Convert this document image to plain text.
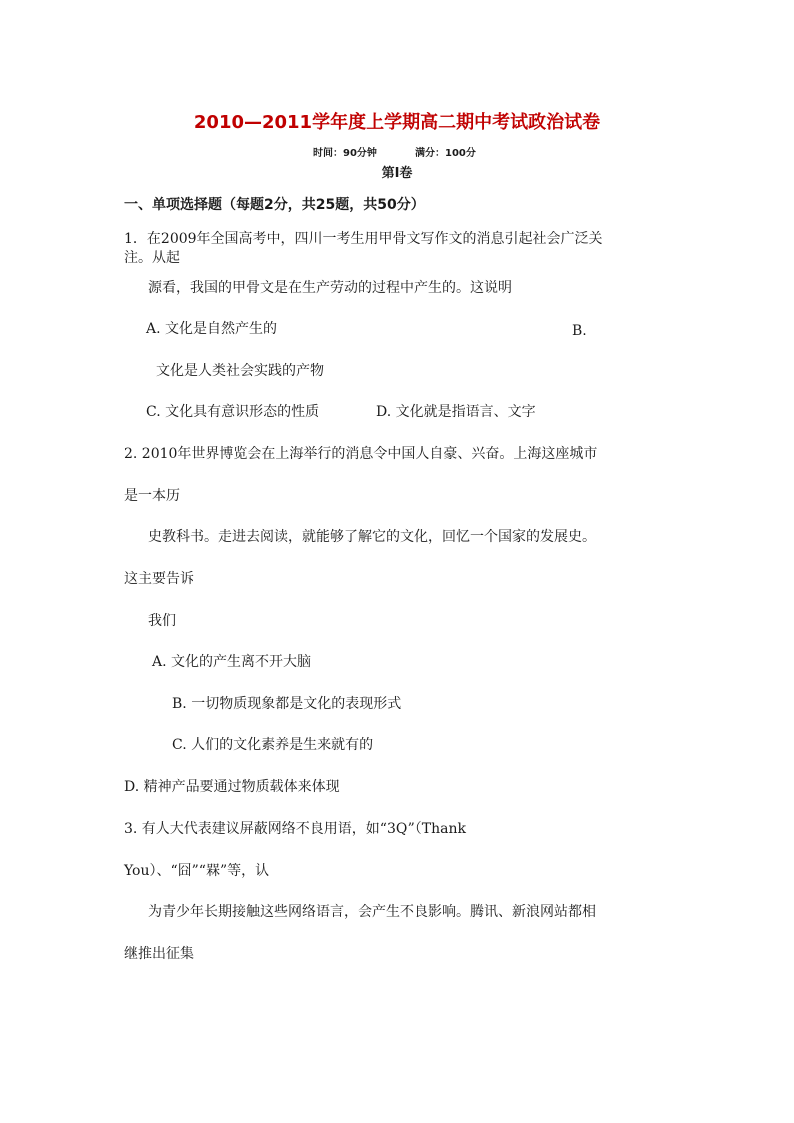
2010—2011学年度上学期高二期中考试政治试卷
时间：90分钟	满分：100分
第Ⅰ卷
一、单项选择题（每题2分，共25题，共50分）
1．在2009年全国高考中，四川一考生用甲骨文写作文的消息引起社会广泛关
注。从起
源看，我国的甲骨文是在生产劳动的过程中产生的。这说明
A. 文化是自然产生的	B.
文化是人类社会实践的产物
C. 文化具有意识形态的性质	D. 文化就是指语言、文字
2. 2010年世界博览会在上海举行的消息令中国人自豪、兴奋。上海这座城市
是一本历
史教科书。走进去阅读，就能够了解它的文化，回忆一个国家的发展史。
这主要告诉
我们
A. 文化的产生离不开大脑
B. 一切物质现象都是文化的表现形式
C. 人们的文化素养是生来就有的
D. 精神产品要通过物质载体来体现
3. 有人大代表建议屏蔽网络不良用语，如“3Q”（Thank
You）、“囧”“槑”等，认
为青少年长期接触这些网络语言，会产生不良影响。腾讯、新浪网站都相
继推出征集
